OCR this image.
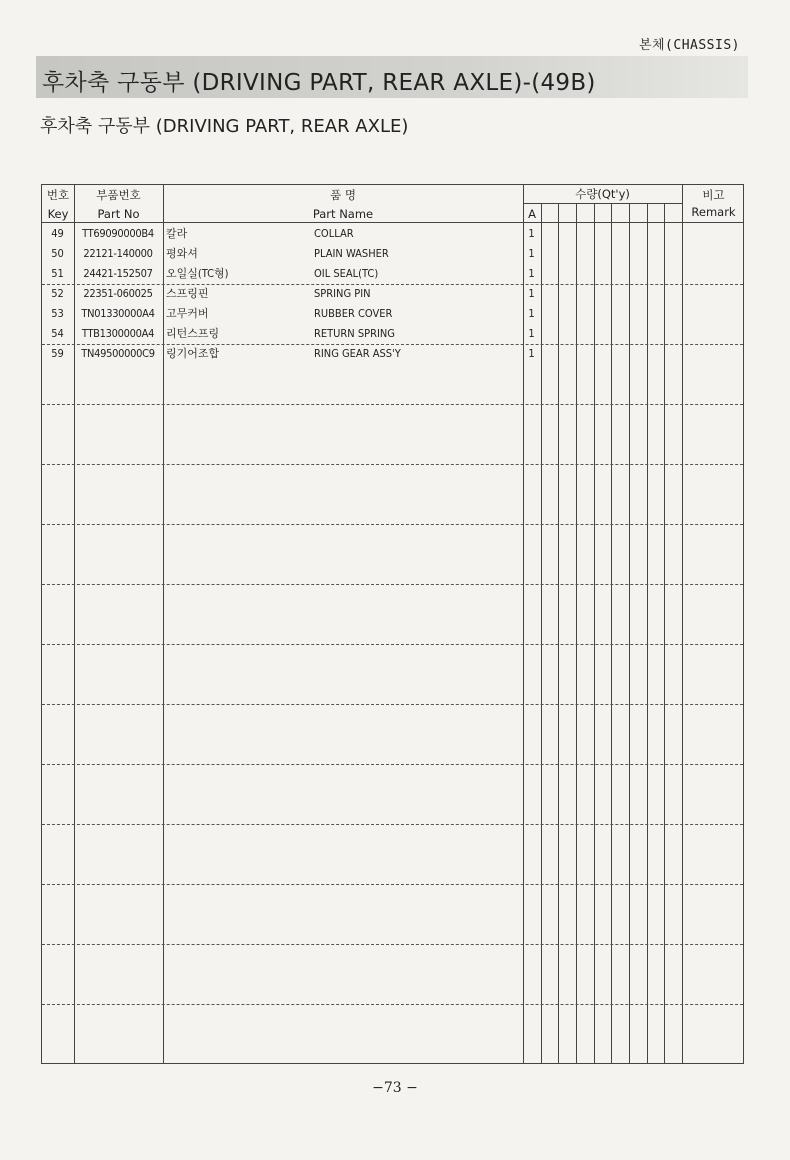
본체(CHASSIS)
후차축 구동부 (DRIVING PART, REAR AXLE)-(49B)
후차축 구동부 (DRIVING PART, REAR AXLE)
번호
Key
부품번호
Part No
품 명
Part Name
수량(Qt'y)
A
비고
Remark
49	TT69090000B4	칼라	COLLAR	1
50	22121-140000	평와셔	PLAIN WASHER	1
51	24421-152507	오일실(TC형)	OIL SEAL(TC)	1
52	22351-060025	스프링핀	SPRING PIN	1
53	TN01330000A4	고무커버	RUBBER COVER	1
54	TTB1300000A4	리턴스프링	RETURN SPRING	1
59	TN49500000C9	링기어조합	RING GEAR ASS'Y	1
−73 −
